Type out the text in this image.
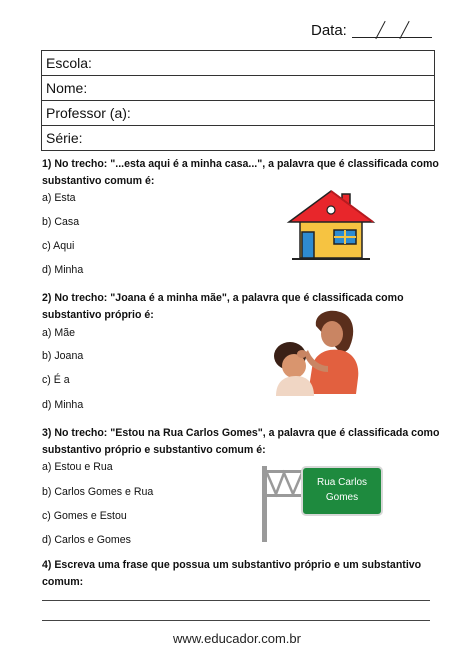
Data:
Escola:
Nome:
Professor (a):
Série:
1) No trecho: "...esta aqui é a minha casa...", a palavra que é classificada como substantivo comum é:
a) Esta
b) Casa
c) Aqui
d) Minha
2) No trecho: "Joana é a minha mãe", a palavra que é classificada como substantivo próprio é:
a) Mãe
b) Joana
c) É a
d) Minha
3) No trecho: "Estou na Rua Carlos Gomes", a palavra que é classificada como substantivo próprio e substantivo comum é:
a) Estou e Rua
b) Carlos Gomes e Rua
c) Gomes e Estou
d) Carlos e Gomes
Rua Carlos
Gomes
4) Escreva uma frase que possua um substantivo próprio e um substantivo comum:
www.educador.com.br
